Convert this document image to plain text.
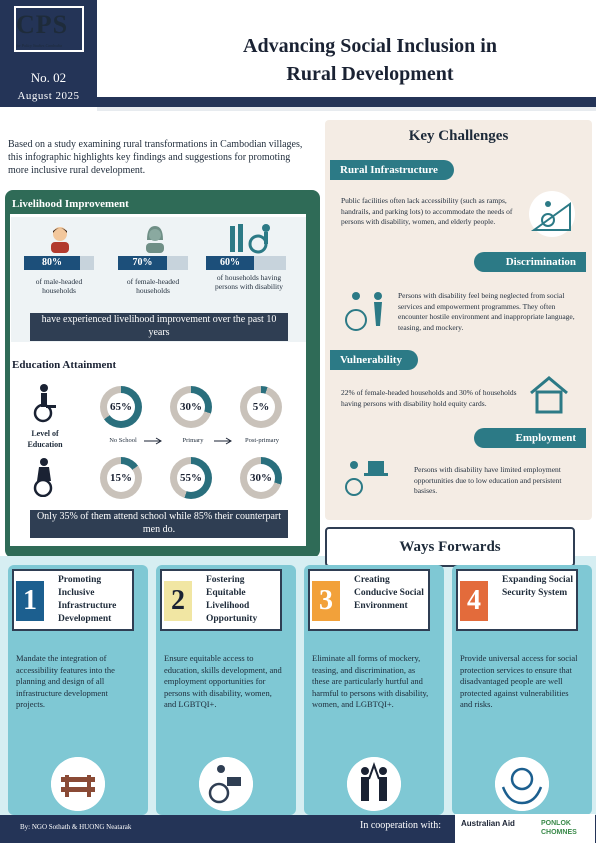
CPS
for Policy Studies Cambodia
No. 02
August 2025
Advancing Social Inclusion in
Rural Development
Based on a study examining rural transformations in Cambodian villages, this infographic highlights key findings and suggestions for promoting more inclusive rural development.
Livelihood Improvement
80%	70%	60%
of male-headed households
of female-headed households
of households having persons with disability
have experienced livelihood improvement over the past 10 years
Education Attainment
Level of Education
65%	30%	5%
No School	Primary	Post-primary
15%	55%	30%
Only 35% of them attend school while 85% their counterpart men do.
Key Challenges
Rural Infrastructure
Public facilities often lack accessibility (such as ramps, handrails, and parking lots) to accommodate the needs of persons with disability, women, and elderly people.
Discrimination
Persons with disability feel being neglected from social services and empowerment programmes. They often encounter hostile environment and inappropriate language, teasing, and mockery.
Vulnerability
22% of female-headed households and 30% of households having persons with disability hold equity cards.
Employment
Persons with disability have limited employment opportunities due to low education and persistent basises.
Ways Forwards
1
Promoting Inclusive Infrastructure Development
Mandate the integration of accessibility features into the planning and design of all infrastructure development projects.
2
Fostering Equitable Livelihood Opportunity
Ensure equitable access to education, skills development, and employment opportunities for persons with disability, women, and LGBTQI+.
3
Creating Conducive Social Environment
Eliminate all forms of mockery, teasing, and discrimination, as these are particularly hurtful and harmful to persons with disability, women, and LGBTQI+.
4
Expanding Social Security System
Provide universal access for social protection services to ensure that disadvantaged people are well protected against vulnerabilities and risks.
By: NGO Sothath & HUONG Neatarak	In cooperation with: Australian Aid	PONLOK CHOMNES
